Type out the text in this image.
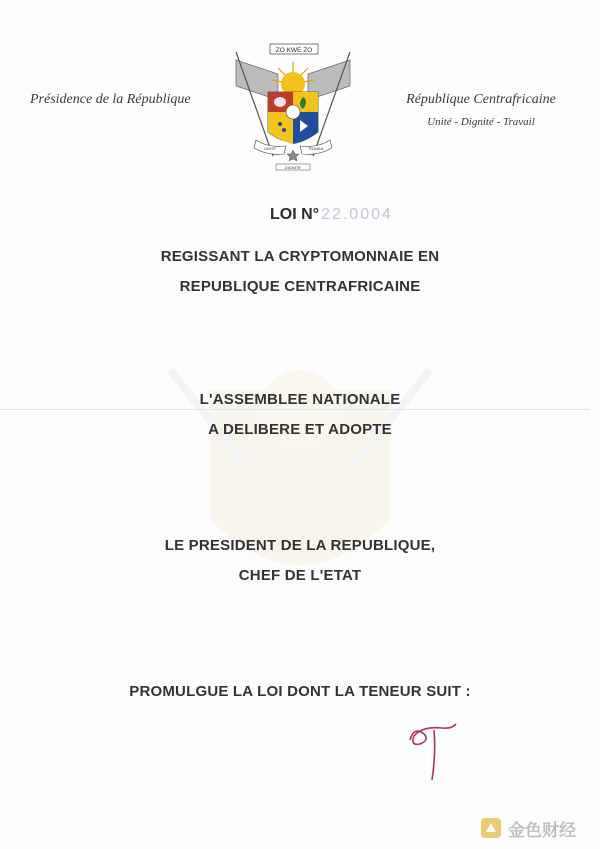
Présidence de la République
ZO KWE ZO
UNITE	TRAVAIL
DIGNITE
République Centrafricaine
Unité - Dignité - Travail
LOI N° 22.0004
REGISSANT LA CRYPTOMONNAIE EN
REPUBLIQUE CENTRAFRICAINE
L'ASSEMBLEE NATIONALE
A DELIBERE ET ADOPTE
LE PRESIDENT DE LA REPUBLIQUE,
CHEF DE L'ETAT
PROMULGUE LA LOI DONT LA TENEUR SUIT :
金色财经
